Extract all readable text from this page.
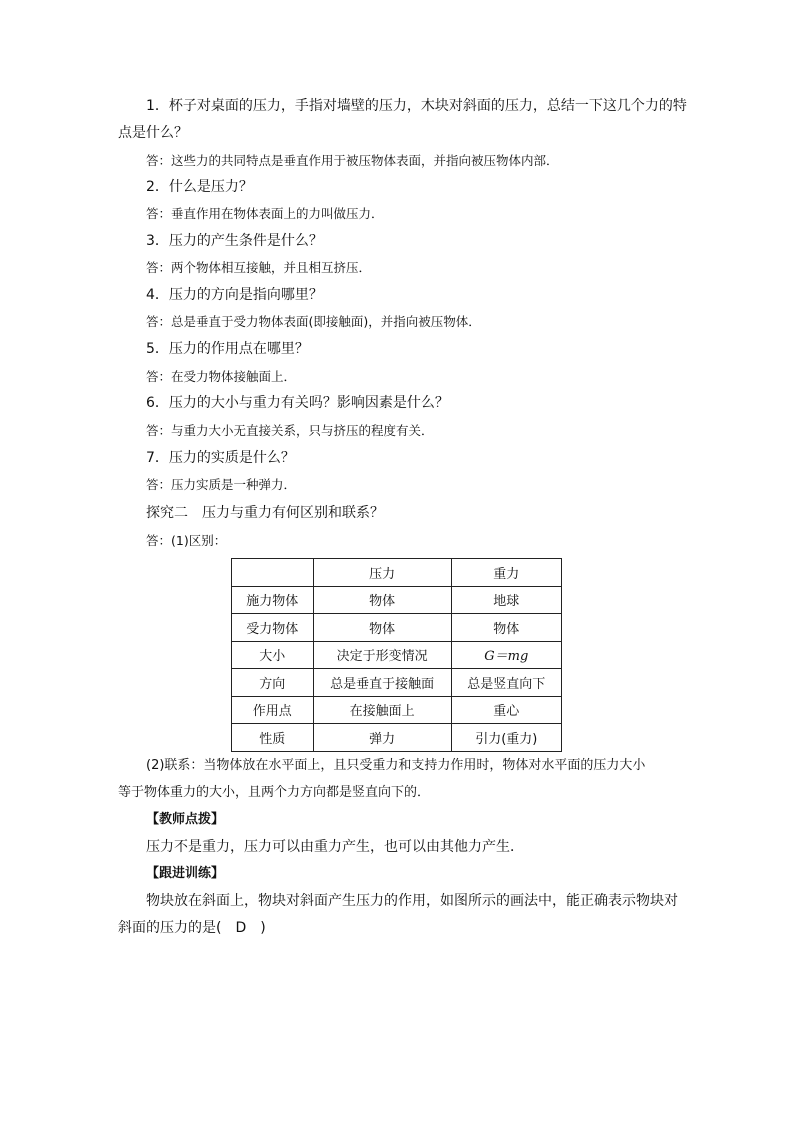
1．杯子对桌面的压力，手指对墙壁的压力，木块对斜面的压力，总结一下这几个力的特
点是什么？
答：这些力的共同特点是垂直作用于被压物体表面，并指向被压物体内部．
2．什么是压力？
答：垂直作用在物体表面上的力叫做压力．
3．压力的产生条件是什么？
答：两个物体相互接触，并且相互挤压．
4．压力的方向是指向哪里？
答：总是垂直于受力物体表面(即接触面)，并指向被压物体．
5．压力的作用点在哪里？
答：在受力物体接触面上．
6．压力的大小与重力有关吗？影响因素是什么？
答：与重力大小无直接关系，只与挤压的程度有关．
7．压力的实质是什么？
答：压力实质是一种弹力．
探究二　压力与重力有何区别和联系？
答：(1)区别：
	压力	重力
施力物体	物体	地球
受力物体	物体	物体
大小	决定于形变情况	G＝mg
方向	总是垂直于接触面	总是竖直向下
作用点	在接触面上	重心
性质	弹力	引力(重力)
(2)联系：当物体放在水平面上，且只受重力和支持力作用时，物体对水平面的压力大小
等于物体重力的大小，且两个力方向都是竖直向下的．
【教师点拨】
压力不是重力，压力可以由重力产生，也可以由其他力产生．
【跟进训练】
物块放在斜面上，物块对斜面产生压力的作用，如图所示的画法中，能正确表示物块对
斜面的压力的是(　D　)
